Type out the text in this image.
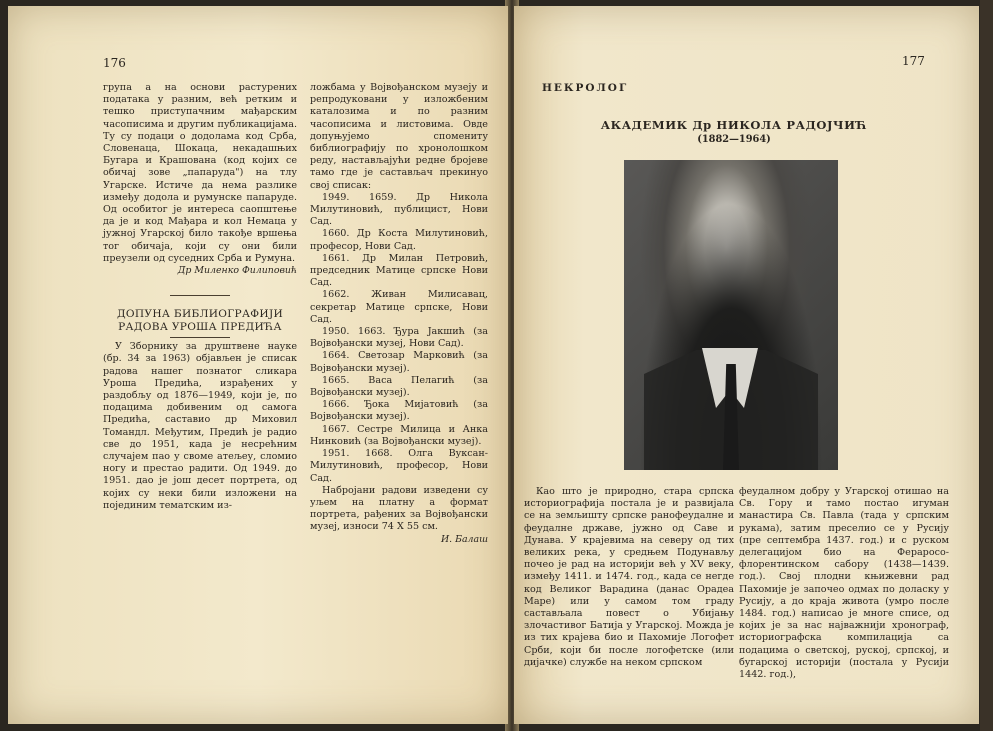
176

група а на основи растурених података у разним, већ ретким и тешко приступачним мађарским часописима и другим публикацијама. Ту су подаци о додолама код Срба, Словенаца, Шокаца, некадашњих Бугара и Крашована (код којих се обичај зове „папаруда") на тлу Угарске. Истиче да нема разлике између додола и румунске папаруде. Од особитог је интереса саопштење да је и код Мађара и кол Немаца у јужној Угарској било такође вршења тог обичаја, који су они били преузели од суседних Срба и Румуна.

Др Миленко Филиповић

ДОПУНА БИБЛИОГРАФИЈИ

РАДОВА УРОША ПРЕДИЋА

У Зборнику за друштвене науке (бр. 34 за 1963) објављен је списак радова нашег познатог сликара Уроша Предића, израђених у раздобљу од 1876—1949, који је, по подацима добивеним од самога Предића, саставио др Миховил Томандл. Међутим, Предић је радио све до 1951, када је несрећним случајем пао у своме атељеу, сломио ногу и престао радити. Од 1949. до 1951. дао је још десет портрета, од којих су неки били изложени на појединим тематским из-

ложбама у Војвођанском музеју и репродуковани у изложбеним каталозима и по разним часописима и листовима. Овде допуњујемо спомениту библиографију по хронолошком реду, настављајући редне бројеве тамо где је састављач прекинуо свој списак:

1949. 1659. Др Никола Милутиновић, публицист, Нови Сад.

1660. Др Коста Милутиновић, професор, Нови Сад.

1661. Др Милан Петровић, председник Матице српске Нови Сад.

1662. Живан Милисавац, секретар Матице српске, Нови Сад.

1950. 1663. Ђура Јакшић (за Војвођански музеј, Нови Сад).

1664. Светозар Марковић (за Војвођански музеј).

1665. Васа Пелагић (за Војвођански музеј).

1666. Ђока Мијатовић (за Војвођански музеј).

1667. Сестре Милица и Анка Нинковић (за Војвођански музеј).

1951. 1668. Олга Вуксан-Милутиновић, професор, Нови Сад.

Набројани радови изведени су уљем на платну а формат портрета, рађених за Војвођански музеј, износи 74 X 55 см.

И. Балаш
177
НЕКРОЛОГ
АКАДЕМИК Др НИКОЛА РАДОЈЧИЋ
(1882—1964)

Као што је природно, стара српска историографија постала је и развијала се на земљишту српске ранофеудалне и феудалне државе, јужно од Саве и Дунава. У крајевима на северу од тих великих река, у средњем Подунављу почео је рад на историји већ у XV веку, између 1411. и 1474. год., када се негде код Великог Варадина (данас Орадеа Маре) или у самом том граду састављала повест о Убијању злочастивог Батија у Угарској. Можда је из тих крајева био и Пахомије Логофет Срби, који би после логофетске (или дијачке) службе на неком српском

феудалном добру у Угарској отишао на Св. Гору и тамо постао игуман манастира Св. Павла (тада у српским рукама), затим преселио се у Русију (пре септембра 1437. год.) и с руском делегацијом био на Фераросо-флорентинском сабору (1438—1439. год.). Свој плодни књижевни рад Пахомије је започео одмах по доласку у Русију, а до краја живота (умро после 1484. год.) написао је многе списе, од којих је за нас најважнији хронограф, историографска компилација са подацима о светској, руској, српској, и бугарској историји (постала у Русији 1442. год.),
